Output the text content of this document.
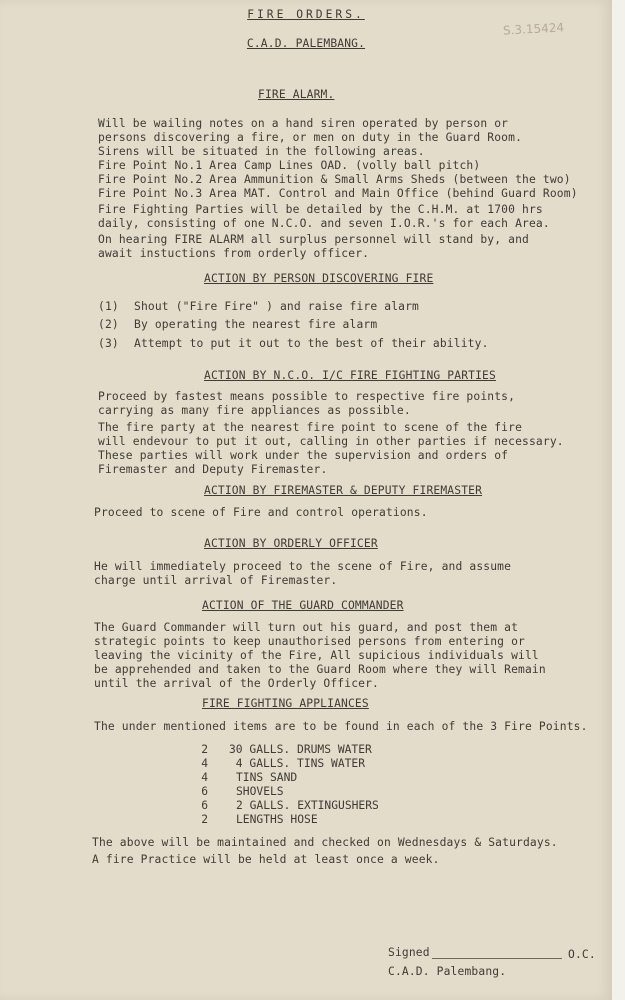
S.3.15424
FIRE ORDERS.
C.A.D. PALEMBANG.
FIRE ALARM.
Will be wailing notes on a hand siren operated by person or
persons discovering a fire, or men on duty in the Guard Room.
Sirens will be situated in the following areas.
Fire Point No.1 Area Camp Lines OAD. (volly ball pitch)
Fire Point No.2 Area Ammunition & Small Arms Sheds (between the two)
Fire Point No.3 Area MAT. Control and Main Office (behind Guard Room)
Fire Fighting Parties will be detailed by the C.H.M. at 1700 hrs
daily, consisting of one N.C.O. and seven I.O.R.'s for each Area.
On hearing FIRE ALARM all surplus personnel will stand by, and
await instuctions from orderly officer.
ACTION BY PERSON DISCOVERING FIRE
(1) Shout ("Fire Fire" ) and raise fire alarm
(2) By operating the nearest fire alarm
(3) Attempt to put it out to the best of their ability.
ACTION BY N.C.O. I/C FIRE FIGHTING PARTIES
Proceed by fastest means possible to respective fire points,
carrying as many fire appliances as possible.
The fire party at the nearest fire point to scene of the fire
will endevour to put it out, calling in other parties if necessary.
These parties will work under the supervision and orders of
Firemaster and Deputy Firemaster.
ACTION BY FIREMASTER & DEPUTY FIREMASTER
Proceed to scene of Fire and control operations.
ACTION BY ORDERLY OFFICER
He will immediately proceed to the scene of Fire, and assume
charge until arrival of Firemaster.
ACTION OF THE GUARD COMMANDER
The Guard Commander will turn out his guard, and post them at
strategic points to keep unauthorised persons from entering or
leaving the vicinity of the Fire, All supicious individuals will
be apprehended and taken to the Guard Room where they will Remain
until the arrival of the Orderly Officer.
FIRE FIGHTING APPLIANCES
The under mentioned items are to be found in each of the 3 Fire Points.
2 30 GALLS. DRUMS WATER
4 4 GALLS. TINS WATER
4 TINS SAND
6 SHOVELS
6 2 GALLS. EXTINGUSHERS
2 LENGTHS HOSE
The above will be maintained and checked on Wednesdays & Saturdays.
A fire Practice will be held at least once a week.
Signed	O.C.
C.A.D. Palembang.
